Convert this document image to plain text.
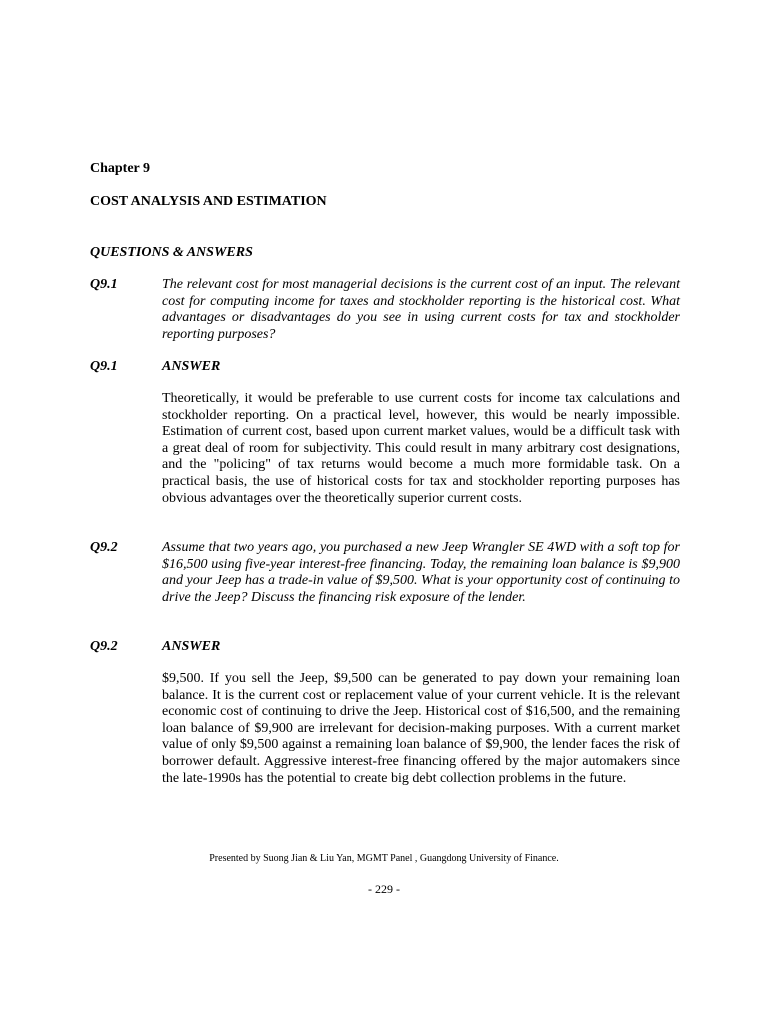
Chapter 9
COST ANALYSIS AND ESTIMATION
QUESTIONS & ANSWERS
Q9.1	The relevant cost for most managerial decisions is the current cost of an input. The relevant cost for computing income for taxes and stockholder reporting is the historical cost. What advantages or disadvantages do you see in using current costs for tax and stockholder reporting purposes?
Q9.1	ANSWER
Theoretically, it would be preferable to use current costs for income tax calculations and stockholder reporting. On a practical level, however, this would be nearly impossible. Estimation of current cost, based upon current market values, would be a difficult task with a great deal of room for subjectivity. This could result in many arbitrary cost designations, and the "policing" of tax returns would become a much more formidable task. On a practical basis, the use of historical costs for tax and stockholder reporting purposes has obvious advantages over the theoretically superior current costs.
Q9.2	Assume that two years ago, you purchased a new Jeep Wrangler SE 4WD with a soft top for $16,500 using five-year interest-free financing. Today, the remaining loan balance is $9,900 and your Jeep has a trade-in value of $9,500. What is your opportunity cost of continuing to drive the Jeep? Discuss the financing risk exposure of the lender.
Q9.2	ANSWER
$9,500. If you sell the Jeep, $9,500 can be generated to pay down your remaining loan balance. It is the current cost or replacement value of your current vehicle. It is the relevant economic cost of continuing to drive the Jeep. Historical cost of $16,500, and the remaining loan balance of $9,900 are irrelevant for decision-making purposes. With a current market value of only $9,500 against a remaining loan balance of $9,900, the lender faces the risk of borrower default. Aggressive interest-free financing offered by the major automakers since the late-1990s has the potential to create big debt collection problems in the future.
Presented by Suong Jian & Liu Yan, MGMT Panel , Guangdong University of Finance.
- 229 -
